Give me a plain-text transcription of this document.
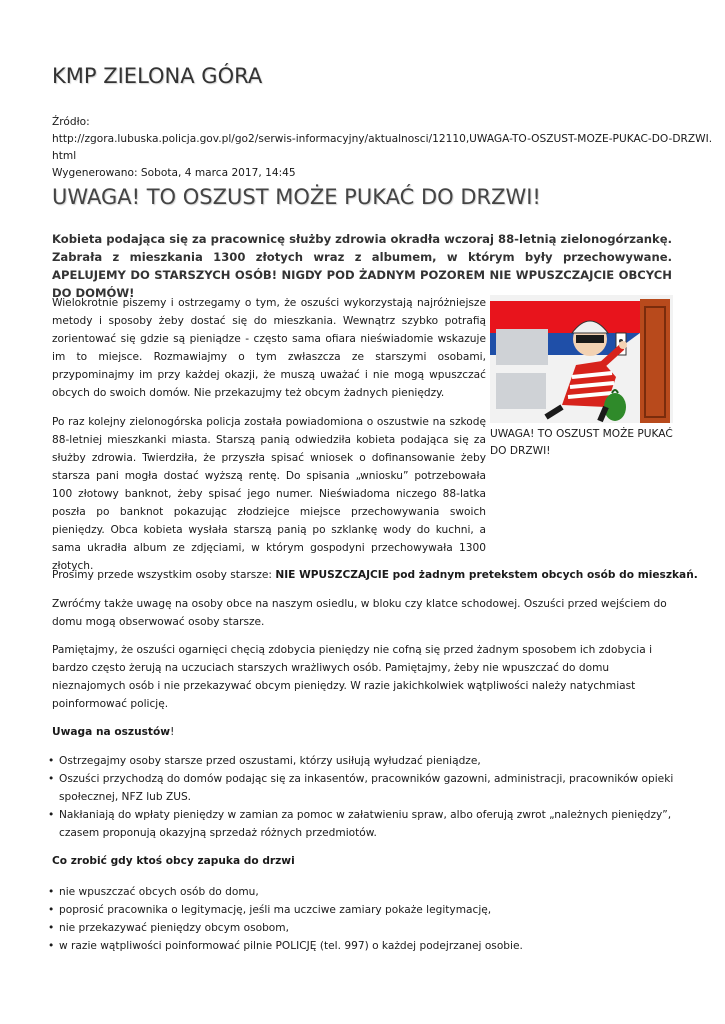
KMP ZIELONA GÓRA
Źródło:
http://zgora.lubuska.policja.gov.pl/go2/serwis-informacyjny/aktualnosci/12110,UWAGA-TO-OSZUST-MOZE-PUKAC-DO-DRZWI.
html
Wygenerowano: Sobota, 4 marca 2017, 14:45
UWAGA! TO OSZUST MOŻE PUKAĆ DO DRZWI!
Kobieta podająca się za pracownicę służby zdrowia okradła wczoraj 88-letnią zielonogórzankę. Zabrała z mieszkania 1300 złotych wraz z albumem, w którym były przechowywane. APELUJEMY DO STARSZYCH OSÓB! NIGDY POD ŻADNYM POZOREM NIE WPUSZCZAJCIE OBCYCH DO DOMÓW!
Wielokrotnie piszemy i ostrzegamy o tym, że oszuści wykorzystają najróżniejsze metody i sposoby żeby dostać się do mieszkania. Wewnątrz szybko potrafią zorientować się gdzie są pieniądze - często sama ofiara nieświadomie wskazuje im to miejsce. Rozmawiajmy o tym zwłaszcza ze starszymi osobami, przypominajmy im przy każdej okazji, że muszą uważać i nie mogą wpuszczać obcych do swoich domów. Nie przekazujmy też obcym żadnych pieniędzy.
UWAGA! TO OSZUST MOŻE PUKAĆ DO DRZWI!
Po raz kolejny zielonogórska policja została powiadomiona o oszustwie na szkodę 88-letniej mieszkanki miasta. Starszą panią odwiedziła kobieta podająca się za służby zdrowia. Twierdziła, że przyszła spisać wniosek o dofinansowanie żeby starsza pani mogła dostać wyższą rentę. Do spisania „wniosku” potrzebowała 100 złotowy banknot, żeby spisać jego numer. Nieświadoma niczego 88-latka poszła po banknot pokazując złodziejce miejsce przechowywania swoich pieniędzy. Obca kobieta wysłała starszą panią po szklankę wody do kuchni, a sama ukradła album ze zdjęciami, w którym gospodyni przechowywała 1300 złotych.
Prosimy przede wszystkim osoby starsze: NIE WPUSZCZAJCIE pod żadnym pretekstem obcych osób do mieszkań.
Zwróćmy także uwagę na osoby obce na naszym osiedlu, w bloku czy klatce schodowej. Oszuści przed wejściem do domu mogą obserwować osoby starsze.
Pamiętajmy, że oszuści ogarnięci chęcią zdobycia pieniędzy nie cofną się przed żadnym sposobem ich zdobycia i bardzo często żerują na uczuciach starszych wrażliwych osób. Pamiętajmy, żeby nie wpuszczać do domu nieznajomych osób i nie przekazywać obcym pieniędzy. W razie jakichkolwiek wątpliwości należy natychmiast poinformować policję.
Uwaga na oszustów!
• Ostrzegajmy osoby starsze przed oszustami, którzy usiłują wyłudzać pieniądze,
• Oszuści przychodzą do domów podając się za inkasentów, pracowników gazowni, administracji, pracowników opieki społecznej, NFZ lub ZUS.
• Nakłaniają do wpłaty pieniędzy w zamian za pomoc w załatwieniu spraw, albo oferują zwrot „należnych pieniędzy”, czasem proponują okazyjną sprzedaż różnych przedmiotów.
Co zrobić gdy ktoś obcy zapuka do drzwi
• nie wpuszczać obcych osób do domu,
• poprosić pracownika o legitymację, jeśli ma uczciwe zamiary pokaże legitymację,
• nie przekazywać pieniędzy obcym osobom,
• w razie wątpliwości poinformować pilnie POLICJĘ (tel. 997) o każdej podejrzanej osobie.
